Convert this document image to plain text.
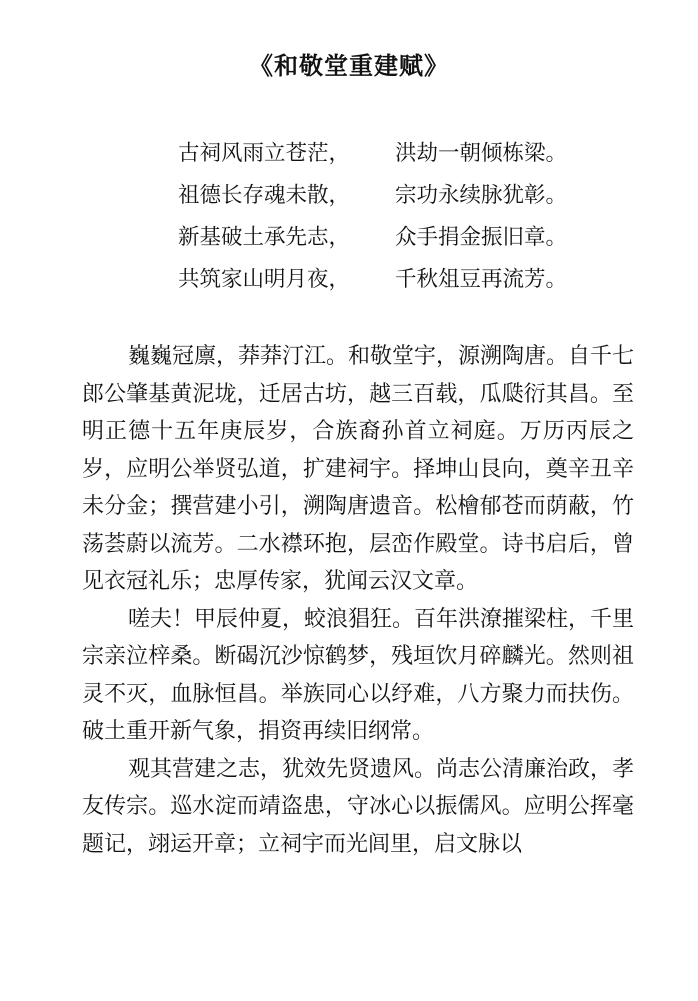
《和敬堂重建赋》
古祠风雨立苍茫， 洪劫一朝倾栋梁。
祖德长存魂未散， 宗功永续脉犹彰。
新基破土承先志， 众手捐金振旧章。
共筑家山明月夜， 千秋俎豆再流芳。

巍巍冠廪，莽莽汀江。和敬堂宇，源溯陶唐。自千七郎公肇基黄泥垅，迁居古坊，越三百载，瓜瓞衍其昌。至明正德十五年庚辰岁，合族裔孙首立祠庭。万历丙辰之岁，应明公举贤弘道，扩建祠宇。择坤山艮向，奠辛丑辛未分金；撰营建小引，溯陶唐遗音。松檜郁苍而荫蔽，竹荡荟蔚以流芳。二水襟环抱，层峦作殿堂。诗书启后，曾见衣冠礼乐；忠厚传家，犹闻云汉文章。

嗟夫！甲辰仲夏，蛟浪猖狂。百年洪潦摧梁柱，千里宗亲泣梓桑。断碣沉沙惊鹤梦，残垣饮月碎麟光。然则祖灵不灭，血脉恒昌。举族同心以纾难，八方聚力而扶伤。破土重开新气象，捐资再续旧纲常。

观其营建之志，犹效先贤遗风。尚志公清廉治政，孝友传宗。巡水淀而靖盗患，守冰心以振儒风。应明公挥毫题记，翊运开章；立祠宇而光闾里，启文脉以
